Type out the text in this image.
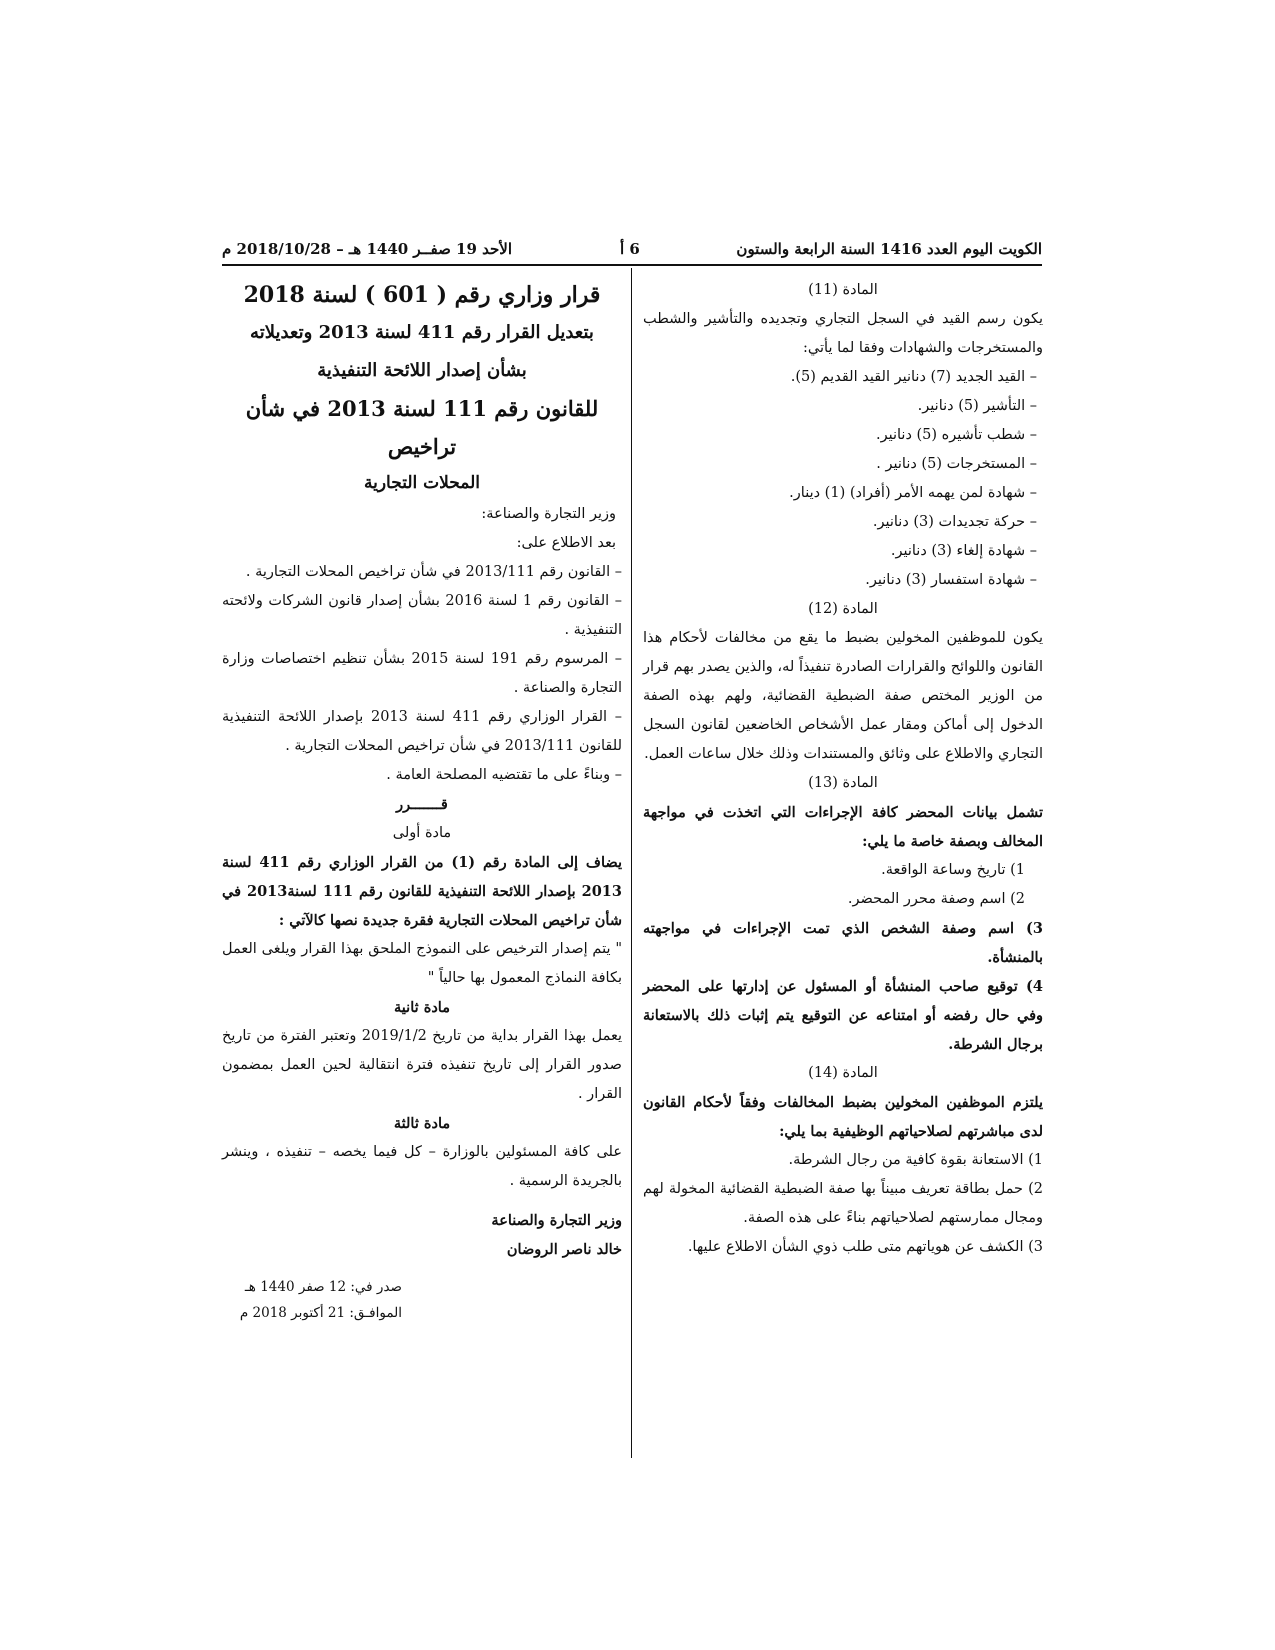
الكويت اليوم العدد 1416 السنة الرابعة والستون
6 أ
الأحد 19 صفــر 1440 هـ – 2018/10/28 م
المادة (11)
يكون رسم القيد في السجل التجاري وتجديده والتأشير والشطب والمستخرجات والشهادات وفقا لما يأتي:
– القيد الجديد (7) دنانير القيد القديم (5).
– التأشير (5) دنانير.
– شطب تأشيره (5) دنانير.
– المستخرجات (5) دنانير .
– شهادة لمن يهمه الأمر (أفراد) (1) دينار.
– حركة تجديدات (3) دنانير.
– شهادة إلغاء (3) دنانير.
– شهادة استفسار (3) دنانير.
المادة (12)
يكون للموظفين المخولين بضبط ما يقع من مخالفات لأحكام هذا القانون واللوائح والقرارات الصادرة تنفيذاً له، والذين يصدر بهم قرار من الوزير المختص صفة الضبطية القضائية، ولهم بهذه الصفة الدخول إلى أماكن ومقار عمل الأشخاص الخاضعين لقانون السجل التجاري والاطلاع على وثائق والمستندات وذلك خلال ساعات العمل.
المادة (13)
تشمل بيانات المحضر كافة الإجراءات التي اتخذت في مواجهة المخالف وبصفة خاصة ما يلي:
1) تاريخ وساعة الواقعة.
2) اسم وصفة محرر المحضر.
3) اسم وصفة الشخص الذي تمت الإجراءات في مواجهته بالمنشأة.
4) توقيع صاحب المنشأة أو المسئول عن إدارتها على المحضر وفي حال رفضه أو امتناعه عن التوقيع يتم إثبات ذلك بالاستعانة برجال الشرطة.
المادة (14)
يلتزم الموظفين المخولين بضبط المخالفات وفقاً لأحكام القانون لدى مباشرتهم لصلاحياتهم الوظيفية بما يلي:
1) الاستعانة بقوة كافية من رجال الشرطة.
2) حمل بطاقة تعريف مبيناً بها صفة الضبطية القضائية المخولة لهم ومجال ممارستهم لصلاحياتهم بناءً على هذه الصفة.
3) الكشف عن هوياتهم متى طلب ذوي الشأن الاطلاع عليها.
قرار وزاري رقم ( 601 ) لسنة 2018
بتعديل القرار رقم 411 لسنة 2013 وتعديلاته
بشأن إصدار اللائحة التنفيذية
للقانون رقم 111 لسنة 2013 في شأن تراخيص
المحلات التجارية
وزير التجارة والصناعة:
بعد الاطلاع على:
– القانون رقم 2013/111 في شأن تراخيص المحلات التجارية .
– القانون رقم 1 لسنة 2016 بشأن إصدار قانون الشركات ولائحته التنفيذية .
– المرسوم رقم 191 لسنة 2015 بشأن تنظيم اختصاصات وزارة التجارة والصناعة .
– القرار الوزاري رقم 411 لسنة 2013 بإصدار اللائحة التنفيذية للقانون 2013/111 في شأن تراخيص المحلات التجارية .
– وبناءً على ما تقتضيه المصلحة العامة .
قـــــــرر
مادة أولى
يضاف إلى المادة رقم (1) من القرار الوزاري رقم 411 لسنة 2013 بإصدار اللائحة التنفيذية للقانون رقم 111 لسنة2013 في شأن تراخيص المحلات التجارية فقرة جديدة نصها كالآتي :
" يتم إصدار الترخيص على النموذج الملحق بهذا القرار ويلغى العمل بكافة النماذج المعمول بها حالياً "
مادة ثانية
يعمل بهذا القرار بداية من تاريخ 2019/1/2 وتعتبر الفترة من تاريخ صدور القرار إلى تاريخ تنفيذه فترة انتقالية لحين العمل بمضمون القرار .
مادة ثالثة
على كافة المسئولين بالوزارة – كل فيما يخصه – تنفيذه ، وينشر بالجريدة الرسمية .
وزير التجارة والصناعة
خالد ناصر الروضان
صدر في: 12 صفر 1440 هـ
الموافـق: 21 أكتوبر 2018 م
